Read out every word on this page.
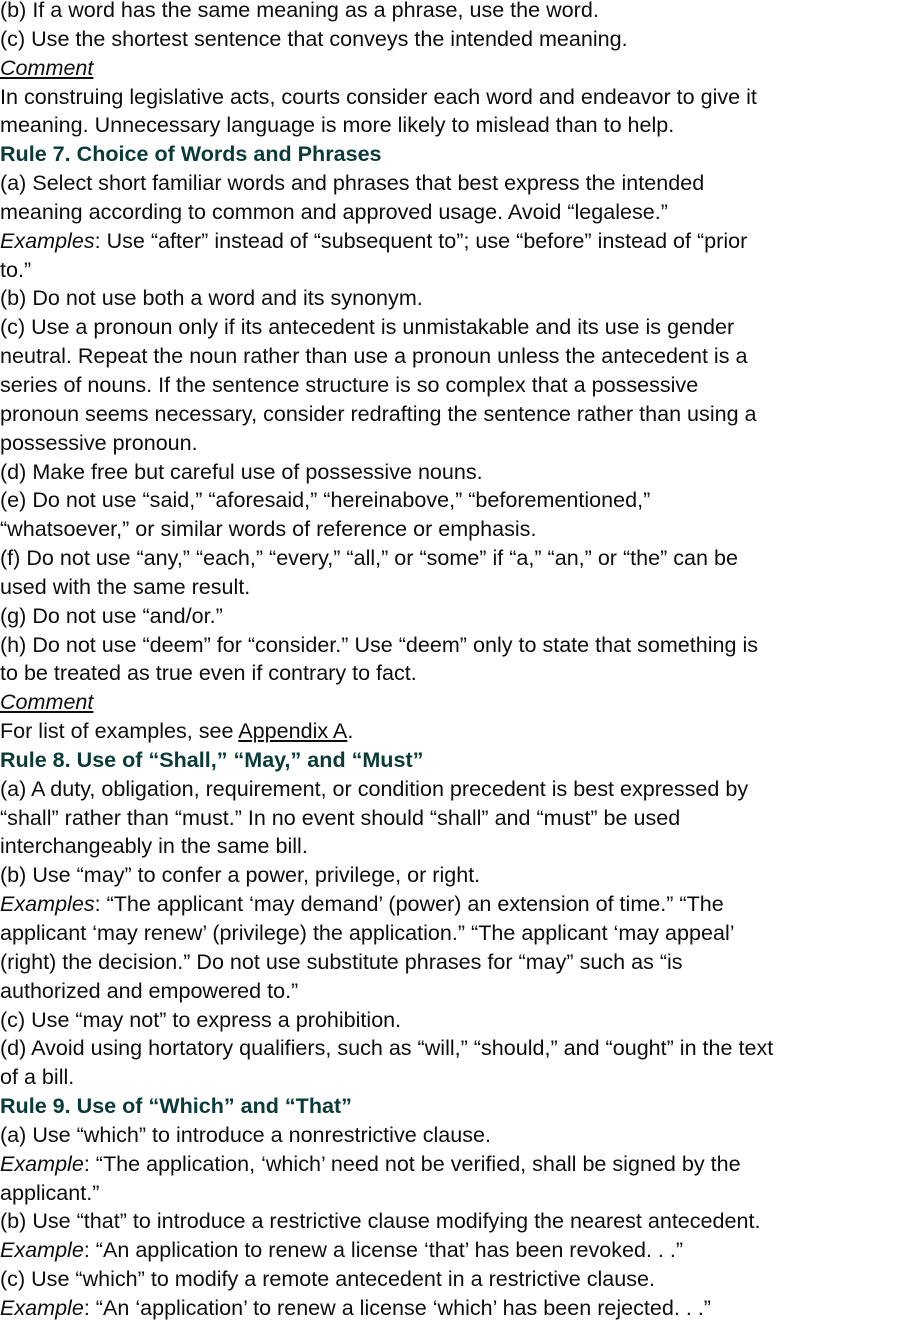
(b) If a word has the same meaning as a phrase, use the word.
(c) Use the shortest sentence that conveys the intended meaning.
Comment
In construing legislative acts, courts consider each word and endeavor to give it
meaning. Unnecessary language is more likely to mislead than to help.
Rule 7. Choice of Words and Phrases
(a) Select short familiar words and phrases that best express the intended
meaning according to common and approved usage. Avoid “legalese.”
Examples: Use “after” instead of “subsequent to”; use “before” instead of “prior
to.”
(b) Do not use both a word and its synonym.
(c) Use a pronoun only if its antecedent is unmistakable and its use is gender
neutral. Repeat the noun rather than use a pronoun unless the antecedent is a
series of nouns. If the sentence structure is so complex that a possessive
pronoun seems necessary, consider redrafting the sentence rather than using a
possessive pronoun.
(d) Make free but careful use of possessive nouns.
(e) Do not use “said,” “aforesaid,” “hereinabove,” “beforementioned,”
“whatsoever,” or similar words of reference or emphasis.
(f) Do not use “any,” “each,” “every,” “all,” or “some” if “a,” “an,” or “the” can be
used with the same result.
(g) Do not use “and/or.”
(h) Do not use “deem” for “consider.” Use “deem” only to state that something is
to be treated as true even if contrary to fact.
Comment
For list of examples, see Appendix A.
Rule 8. Use of “Shall,” “May,” and “Must”
(a) A duty, obligation, requirement, or condition precedent is best expressed by
“shall” rather than “must.” In no event should “shall” and “must” be used
interchangeably in the same bill.
(b) Use “may” to confer a power, privilege, or right.
Examples: “The applicant ‘may demand’ (power) an extension of time.” “The
applicant ‘may renew’ (privilege) the application.” “The applicant ‘may appeal’
(right) the decision.” Do not use substitute phrases for “may” such as “is
authorized and empowered to.”
(c) Use “may not” to express a prohibition.
(d) Avoid using hortatory qualifiers, such as “will,” “should,” and “ought” in the text
of a bill.
Rule 9. Use of “Which” and “That”
(a) Use “which” to introduce a nonrestrictive clause.
Example: “The application, ‘which’ need not be verified, shall be signed by the
applicant.”
(b) Use “that” to introduce a restrictive clause modifying the nearest antecedent.
Example: “An application to renew a license ‘that’ has been revoked. . .”
(c) Use “which” to modify a remote antecedent in a restrictive clause.
Example: “An ‘application’ to renew a license ‘which’ has been rejected. . .”
